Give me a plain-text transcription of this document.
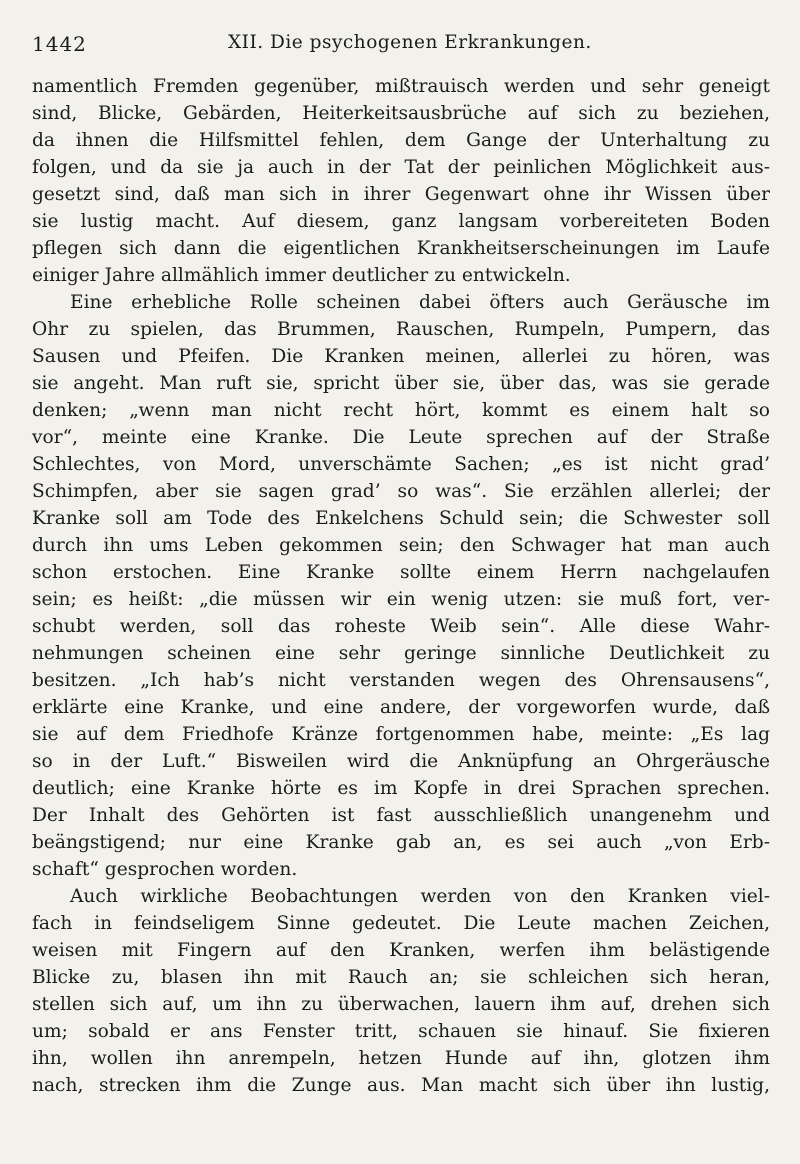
1442	XII. Die psychogenen Erkrankungen.
namentlich Fremden gegenüber, mißtrauisch werden und sehr geneigt
sind, Blicke, Gebärden, Heiterkeitsausbrüche auf sich zu beziehen,
da ihnen die Hilfsmittel fehlen, dem Gange der Unterhaltung zu
folgen, und da sie ja auch in der Tat der peinlichen Möglichkeit aus-
gesetzt sind, daß man sich in ihrer Gegenwart ohne ihr Wissen über
sie lustig macht. Auf diesem, ganz langsam vorbereiteten Boden
pflegen sich dann die eigentlichen Krankheitserscheinungen im Laufe
einiger Jahre allmählich immer deutlicher zu entwickeln.
Eine erhebliche Rolle scheinen dabei öfters auch Geräusche im
Ohr zu spielen, das Brummen, Rauschen, Rumpeln, Pumpern, das
Sausen und Pfeifen. Die Kranken meinen, allerlei zu hören, was
sie angeht. Man ruft sie, spricht über sie, über das, was sie gerade
denken; „wenn man nicht recht hört, kommt es einem halt so
vor“, meinte eine Kranke. Die Leute sprechen auf der Straße
Schlechtes, von Mord, unverschämte Sachen; „es ist nicht grad’
Schimpfen, aber sie sagen grad’ so was“. Sie erzählen allerlei; der
Kranke soll am Tode des Enkelchens Schuld sein; die Schwester soll
durch ihn ums Leben gekommen sein; den Schwager hat man auch
schon erstochen. Eine Kranke sollte einem Herrn nachgelaufen
sein; es heißt: „die müssen wir ein wenig utzen: sie muß fort, ver-
schubt werden, soll das roheste Weib sein“. Alle diese Wahr-
nehmungen scheinen eine sehr geringe sinnliche Deutlichkeit zu
besitzen. „Ich hab’s nicht verstanden wegen des Ohrensausens“,
erklärte eine Kranke, und eine andere, der vorgeworfen wurde, daß
sie auf dem Friedhofe Kränze fortgenommen habe, meinte: „Es lag
so in der Luft.“ Bisweilen wird die Anknüpfung an Ohrgeräusche
deutlich; eine Kranke hörte es im Kopfe in drei Sprachen sprechen.
Der Inhalt des Gehörten ist fast ausschließlich unangenehm und
beängstigend; nur eine Kranke gab an, es sei auch „von Erb-
schaft“ gesprochen worden.
Auch wirkliche Beobachtungen werden von den Kranken viel-
fach in feindseligem Sinne gedeutet. Die Leute machen Zeichen,
weisen mit Fingern auf den Kranken, werfen ihm belästigende
Blicke zu, blasen ihn mit Rauch an; sie schleichen sich heran,
stellen sich auf, um ihn zu überwachen, lauern ihm auf, drehen sich
um; sobald er ans Fenster tritt, schauen sie hinauf. Sie fixieren
ihn, wollen ihn anrempeln, hetzen Hunde auf ihn, glotzen ihm
nach, strecken ihm die Zunge aus. Man macht sich über ihn lustig,
